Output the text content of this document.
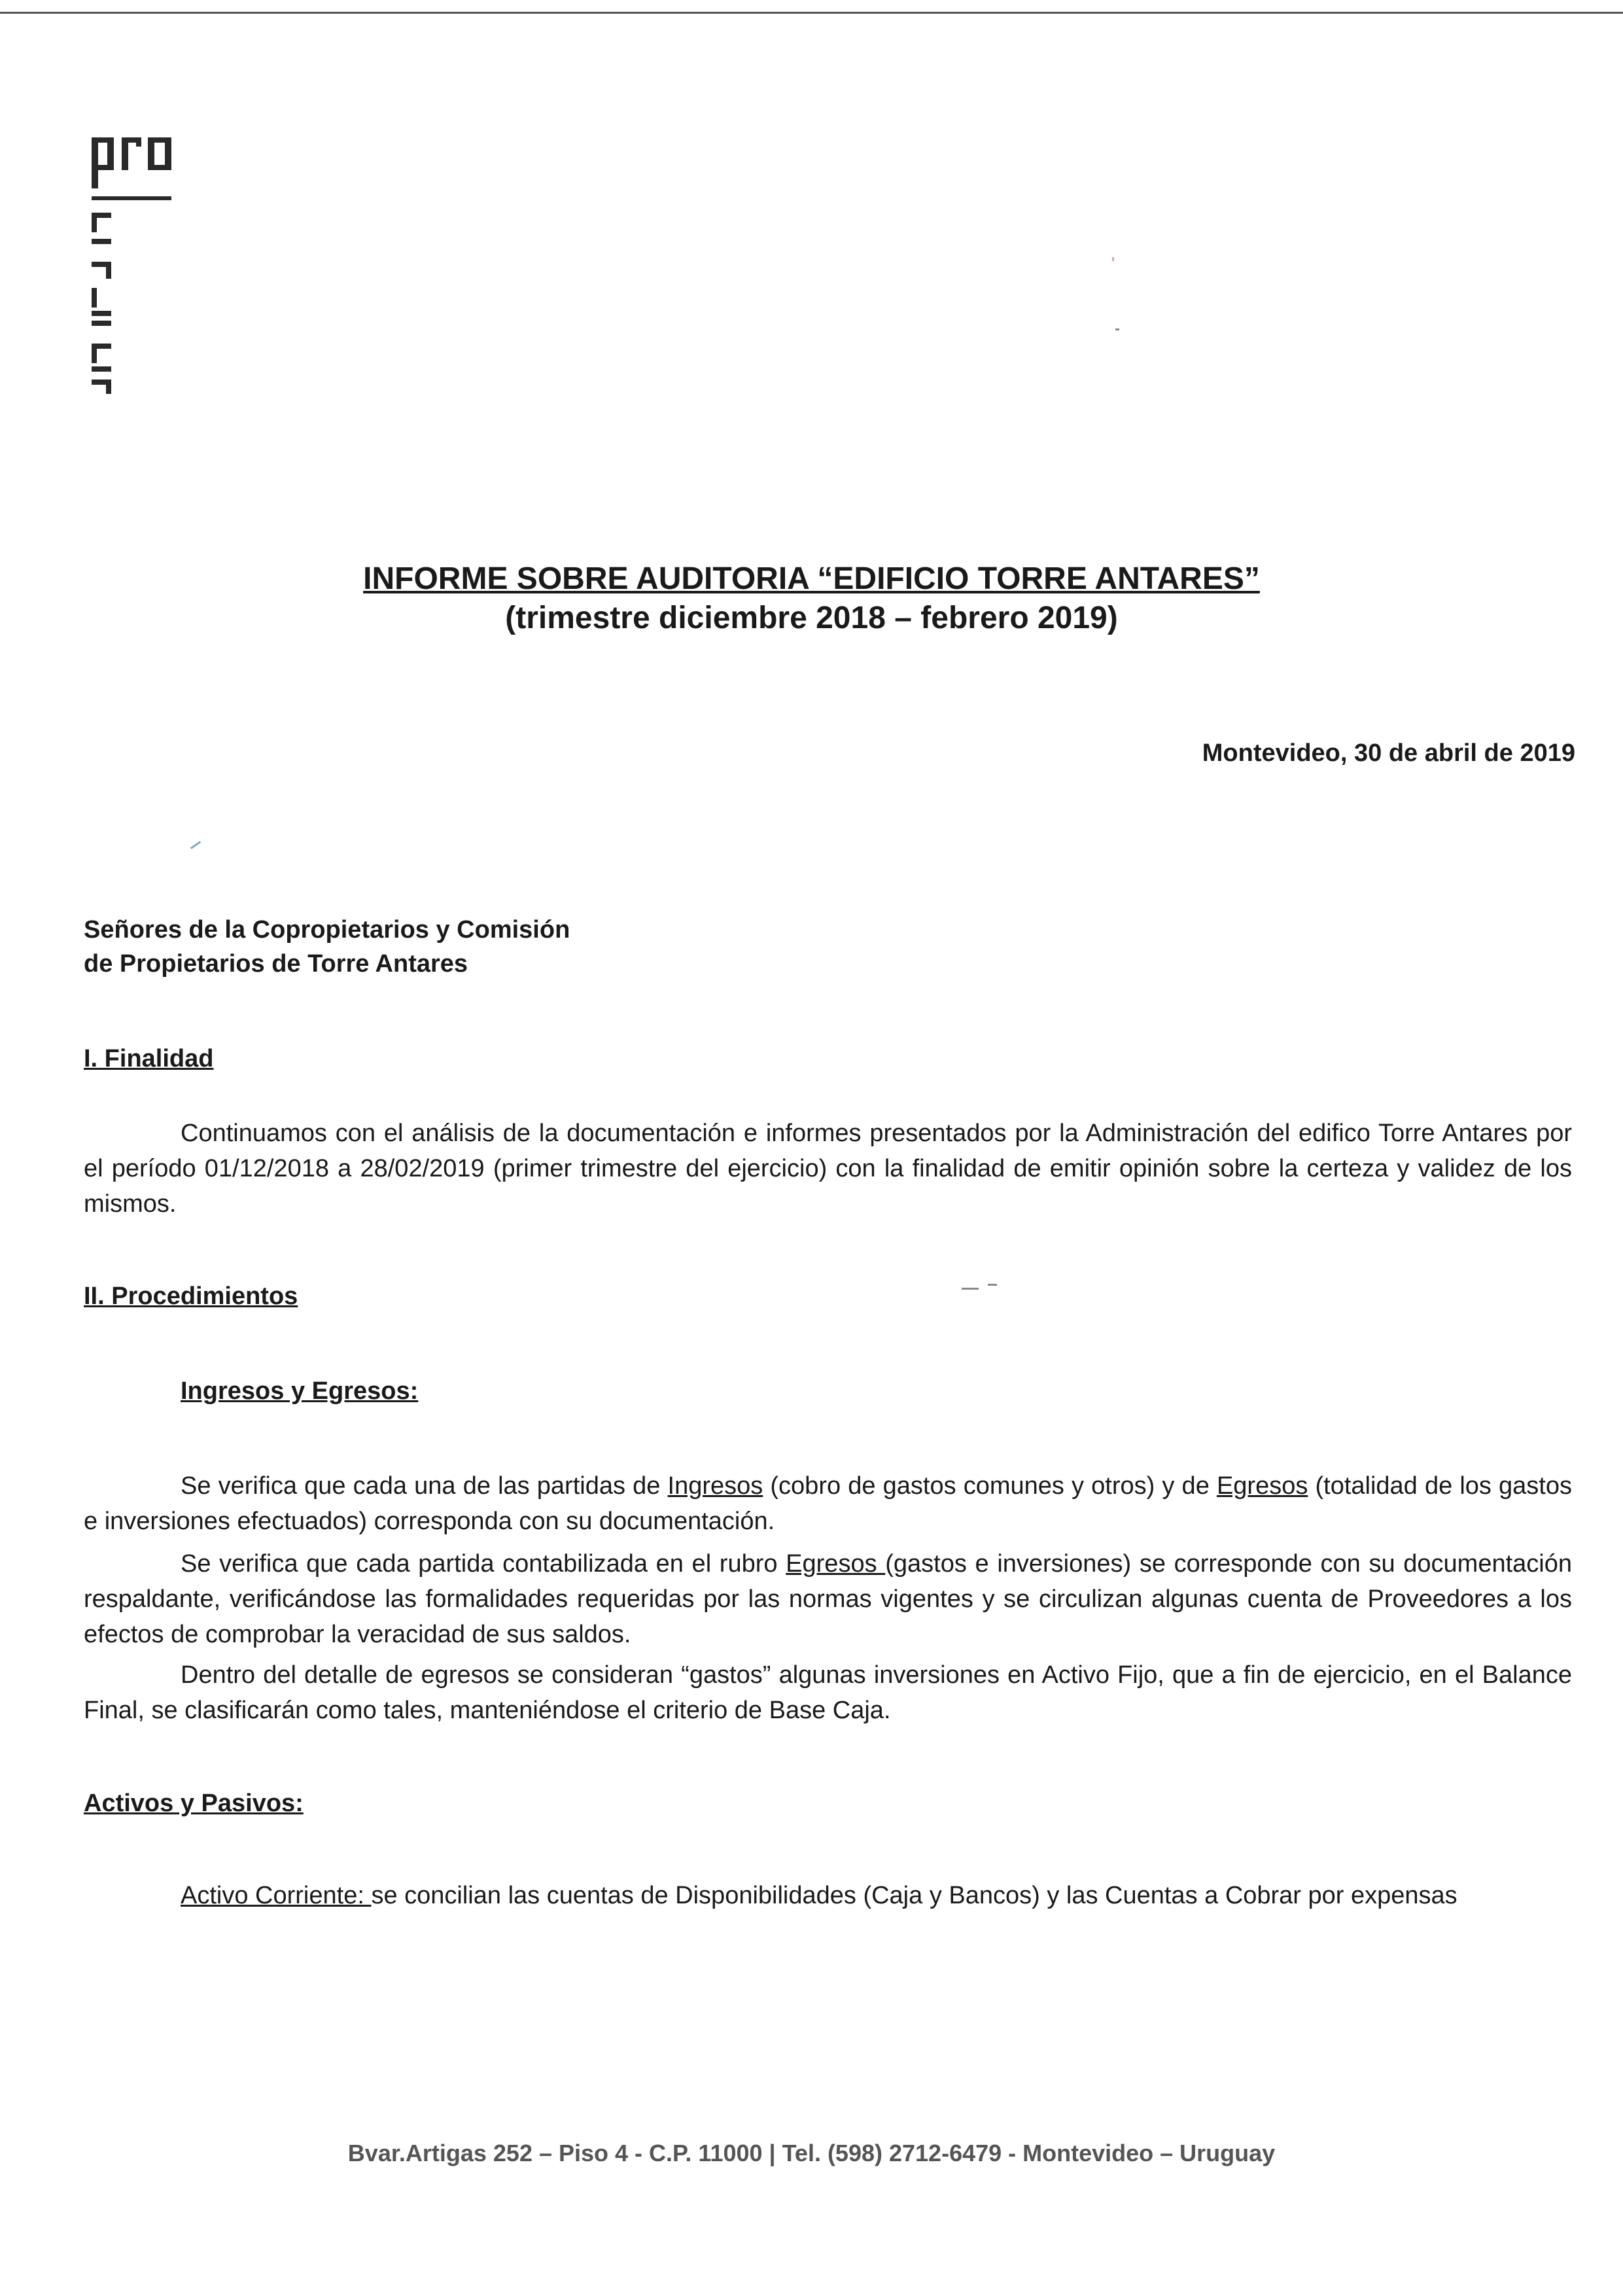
INFORME SOBRE AUDITORIA “EDIFICIO TORRE ANTARES”
(trimestre diciembre 2018 – febrero 2019)
Montevideo, 30 de abril de 2019
Señores de la Copropietarios y Comisión
de Propietarios de Torre Antares
I. Finalidad
Continuamos con el análisis de la documentación e informes presentados por la Administración del edifico Torre Antares por el período 01/12/2018 a 28/02/2019 (primer trimestre del ejercicio) con la finalidad de emitir opinión sobre la certeza y validez de los mismos.
II. Procedimientos
Ingresos y Egresos:
Se verifica que cada una de las partidas de Ingresos (cobro de gastos comunes y otros) y de Egresos (totalidad de los gastos e inversiones efectuados) corresponda con su documentación.
Se verifica que cada partida contabilizada en el rubro Egresos (gastos e inversiones) se corresponde con su documentación respaldante, verificándose las formalidades requeridas por las normas vigentes y se circulizan algunas cuenta de Proveedores a los efectos de comprobar la veracidad de sus saldos.
Dentro del detalle de egresos se consideran “gastos” algunas inversiones en Activo Fijo, que a fin de ejercicio, en el Balance Final, se clasificarán como tales, manteniéndose el criterio de Base Caja.
Activos y Pasivos:
Activo Corriente: se concilian las cuentas de Disponibilidades (Caja y Bancos) y las Cuentas a Cobrar por expensas
Bvar.Artigas 252 – Piso 4 - C.P. 11000 | Tel. (598) 2712-6479 - Montevideo – Uruguay
